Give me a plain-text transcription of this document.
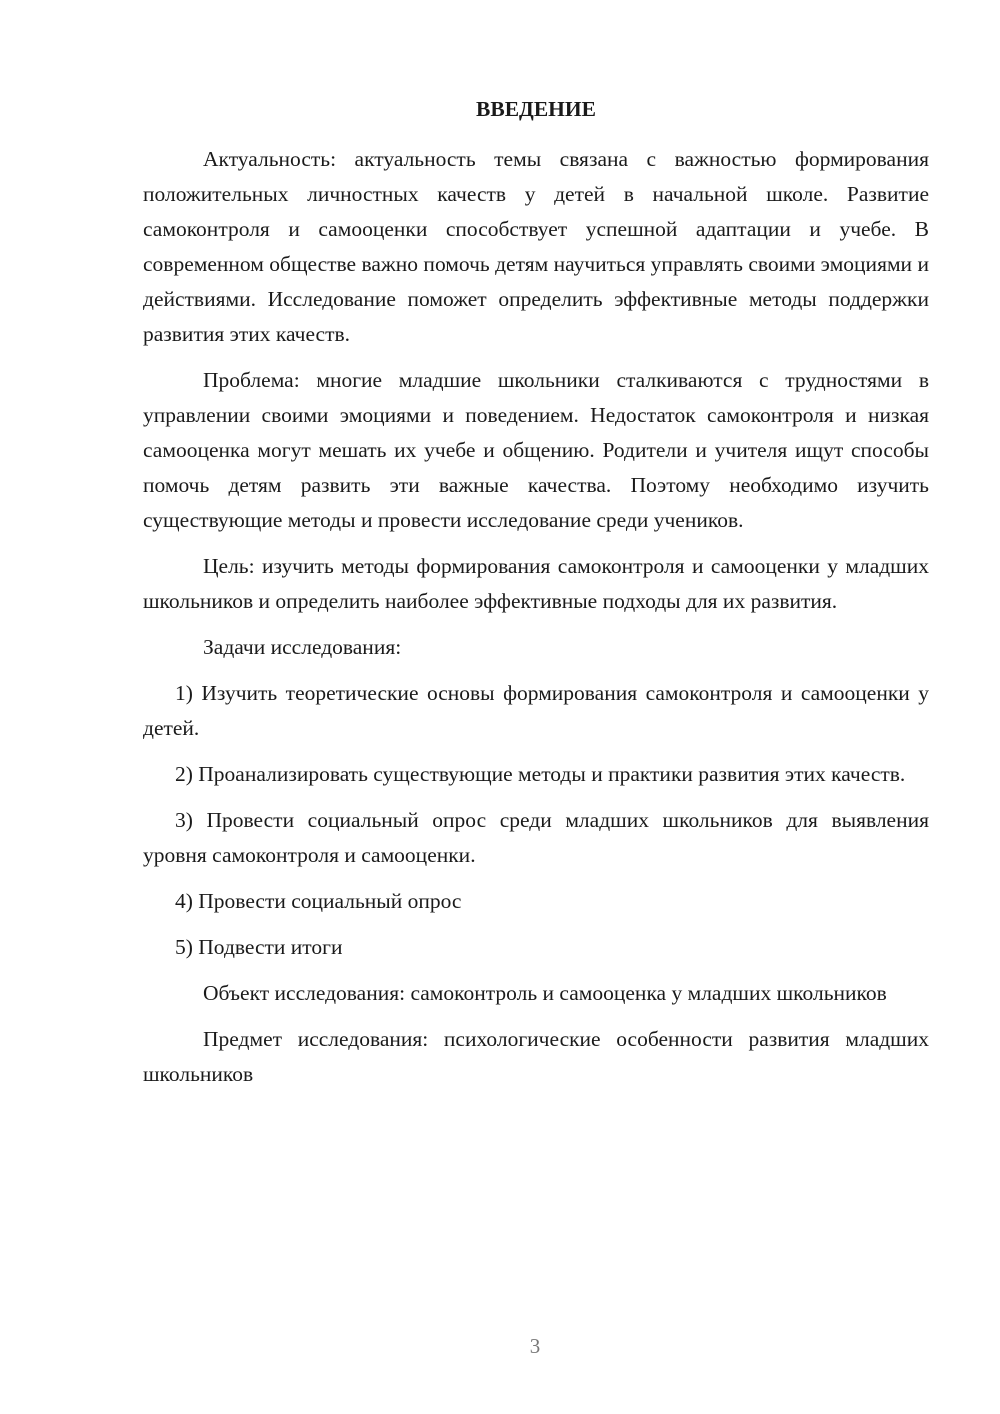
ВВЕДЕНИЕ

Актуальность: актуальность темы связана с важностью формирования положительных личностных качеств у детей в начальной школе. Развитие самоконтроля и самооценки способствует успешной адаптации и учебе. В современном обществе важно помочь детям научиться управлять своими эмоциями и действиями. Исследование поможет определить эффективные методы поддержки развития этих качеств.

Проблема: многие младшие школьники сталкиваются с трудностями в управлении своими эмоциями и поведением. Недостаток самоконтроля и низкая самооценка могут мешать их учебе и общению. Родители и учителя ищут способы помочь детям развить эти важные качества. Поэтому необходимо изучить существующие методы и провести исследование среди учеников.

Цель: изучить методы формирования самоконтроля и самооценки у младших школьников и определить наиболее эффективные подходы для их развития.

Задачи исследования:

1) Изучить теоретические основы формирования самоконтроля и самооценки у детей.

2) Проанализировать существующие методы и практики развития этих качеств.

3) Провести социальный опрос среди младших школьников для выявления уровня самоконтроля и самооценки.

4) Провести социальный опрос

5) Подвести итоги

Объект исследования: самоконтроль и самооценка у младших школьников

Предмет исследования: психологические особенности развития младших школьников

3
